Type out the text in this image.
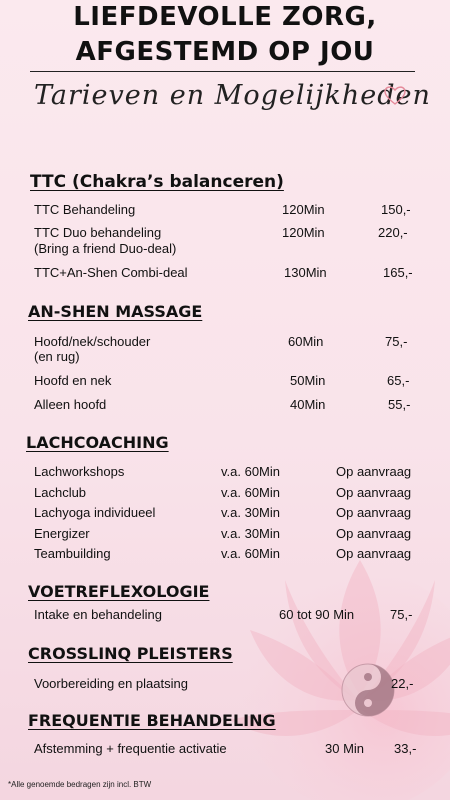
LIEFDEVOLLE ZORG,
AFGESTEMD OP JOU
Tarieven en Mogelijkheden
TTC (Chakra’s balanceren)
TTC Behandeling	120Min	150,-
TTC Duo behandeling
(Bring a friend Duo-deal)
120Min	220,-
TTC+An-Shen Combi-deal	130Min	165,-
AN-SHEN MASSAGE
Hoofd/nek/schouder
(en rug)
60Min	75,-
Hoofd en nek	50Min	65,-
Alleen hoofd	40Min	55,-
LACHCOACHING
Lachworkshops	v.a. 60Min	Op aanvraag
Lachclub	v.a. 60Min	Op aanvraag
Lachyoga individueel	v.a. 30Min	Op aanvraag
Energizer	v.a. 30Min	Op aanvraag
Teambuilding	v.a. 60Min	Op aanvraag
VOETREFLEXOLOGIE
Intake en behandeling	60 tot 90 Min	75,-
CROSSLINQ PLEISTERS
Voorbereiding en plaatsing	22,-
FREQUENTIE BEHANDELING
Afstemming + frequentie activatie	30 Min 33,-
*Alle genoemde bedragen zijn incl. BTW
